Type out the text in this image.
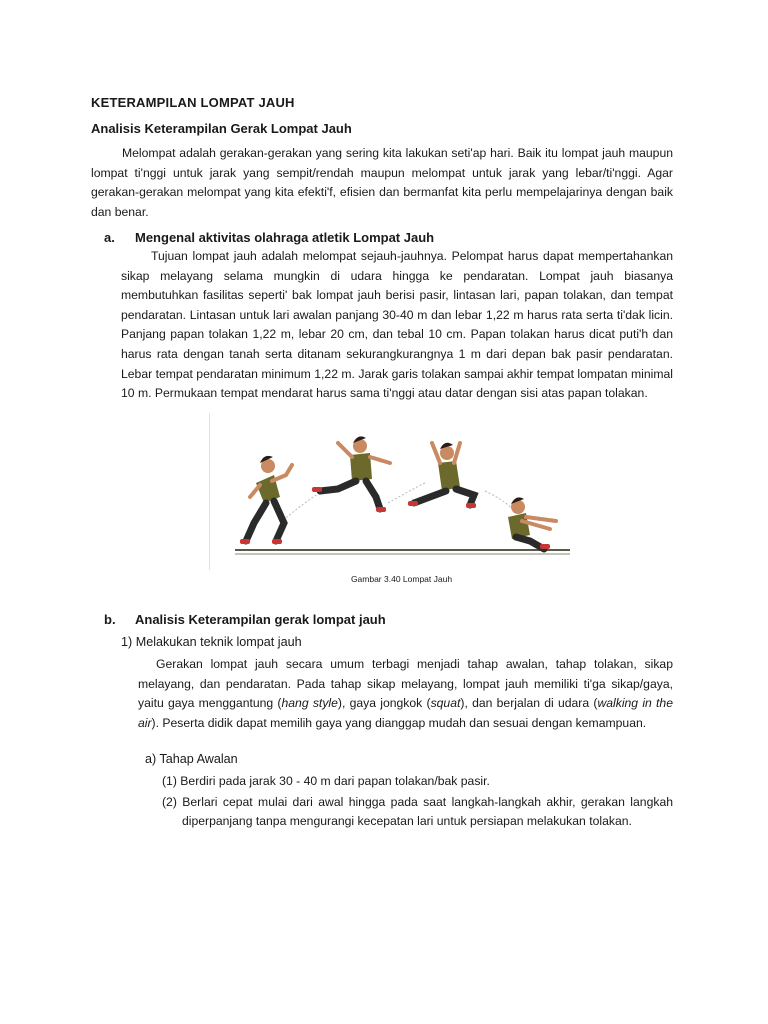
KETERAMPILAN LOMPAT JAUH
Analisis Keterampilan Gerak Lompat Jauh
Melompat adalah gerakan-gerakan yang sering kita lakukan seti'ap hari. Baik itu lompat jauh maupun lompat ti'nggi untuk jarak yang sempit/rendah maupun melompat untuk jarak yang lebar/ti'nggi. Agar gerakan-gerakan melompat yang kita efekti'f, efisien dan bermanfat kita perlu mempelajarinya dengan baik dan benar.
a. Mengenal aktivitas olahraga atletik Lompat Jauh
Tujuan lompat jauh adalah melompat sejauh-jauhnya. Pelompat harus dapat mempertahankan sikap melayang selama mungkin di udara hingga ke pendaratan. Lompat jauh biasanya membutuhkan fasilitas seperti' bak lompat jauh berisi pasir, lintasan lari, papan tolakan, dan tempat pendaratan. Lintasan untuk lari awalan panjang 30-40 m dan lebar 1,22 m harus rata serta ti'dak licin. Panjang papan tolakan 1,22 m, lebar 20 cm, dan tebal 10 cm. Papan tolakan harus dicat puti'h dan harus rata dengan tanah serta ditanam sekurangkurangnya 1 m dari depan bak pasir pendaratan. Lebar tempat pendaratan minimum 1,22 m. Jarak garis tolakan sampai akhir tempat lompatan minimal 10 m. Permukaan tempat mendarat harus sama ti'nggi atau datar dengan sisi atas papan tolakan.
Gambar 3.40 Lompat Jauh
b. Analisis Keterampilan gerak lompat jauh
1) Melakukan teknik lompat jauh
Gerakan lompat jauh secara umum terbagi menjadi tahap awalan, tahap tolakan, sikap melayang, dan pendaratan. Pada tahap sikap melayang, lompat jauh memiliki ti'ga sikap/gaya, yaitu gaya menggantung (hang style), gaya jongkok (squat), dan berjalan di udara (walking in the air). Peserta didik dapat memilih gaya yang dianggap mudah dan sesuai dengan kemampuan.
a) Tahap Awalan
(1) Berdiri pada jarak 30 - 40 m dari papan tolakan/bak pasir.
(2) Berlari cepat mulai dari awal hingga pada saat langkah-langkah akhir, gerakan langkah diperpanjang tanpa mengurangi kecepatan lari untuk persiapan melakukan tolakan.
